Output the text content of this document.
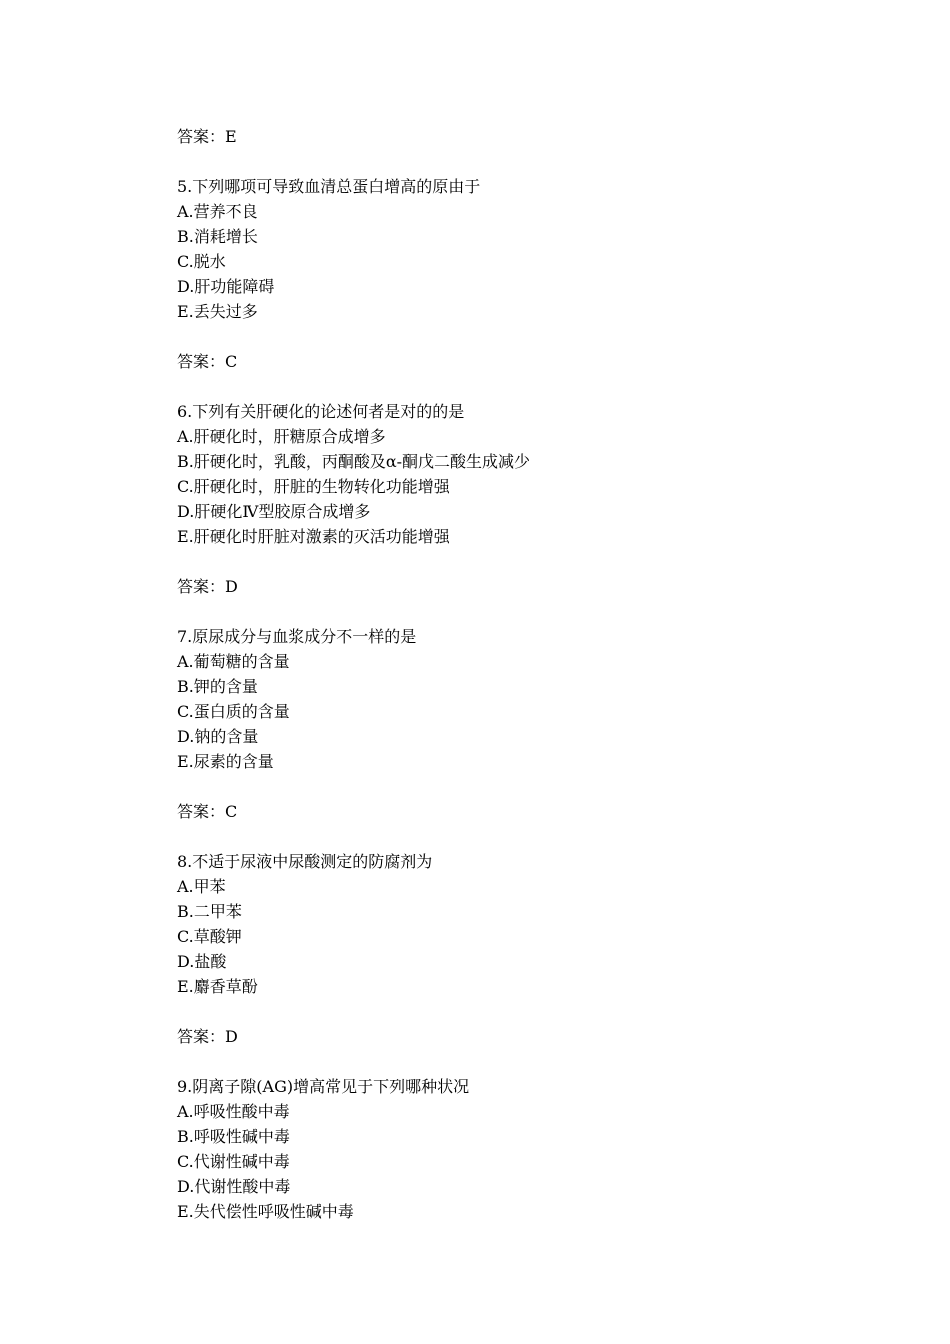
答案：E
5.下列哪项可导致血清总蛋白增高的原由于
A.营养不良
B.消耗增长
C.脱水
D.肝功能障碍
E.丢失过多
答案：C
6.下列有关肝硬化的论述何者是对的的是
A.肝硬化时，肝糖原合成增多
B.肝硬化时，乳酸，丙酮酸及α-酮戊二酸生成减少
C.肝硬化时，肝脏的生物转化功能增强
D.肝硬化Ⅳ型胶原合成增多
E.肝硬化时肝脏对激素的灭活功能增强
答案：D
7.原尿成分与血浆成分不一样的是
A.葡萄糖的含量
B.钾的含量
C.蛋白质的含量
D.钠的含量
E.尿素的含量
答案：C
8.不适于尿液中尿酸测定的防腐剂为
A.甲苯
B.二甲苯
C.草酸钾
D.盐酸
E.麝香草酚
答案：D
9.阴离子隙(AG)增高常见于下列哪种状况
A.呼吸性酸中毒
B.呼吸性碱中毒
C.代谢性碱中毒
D.代谢性酸中毒
E.失代偿性呼吸性碱中毒
